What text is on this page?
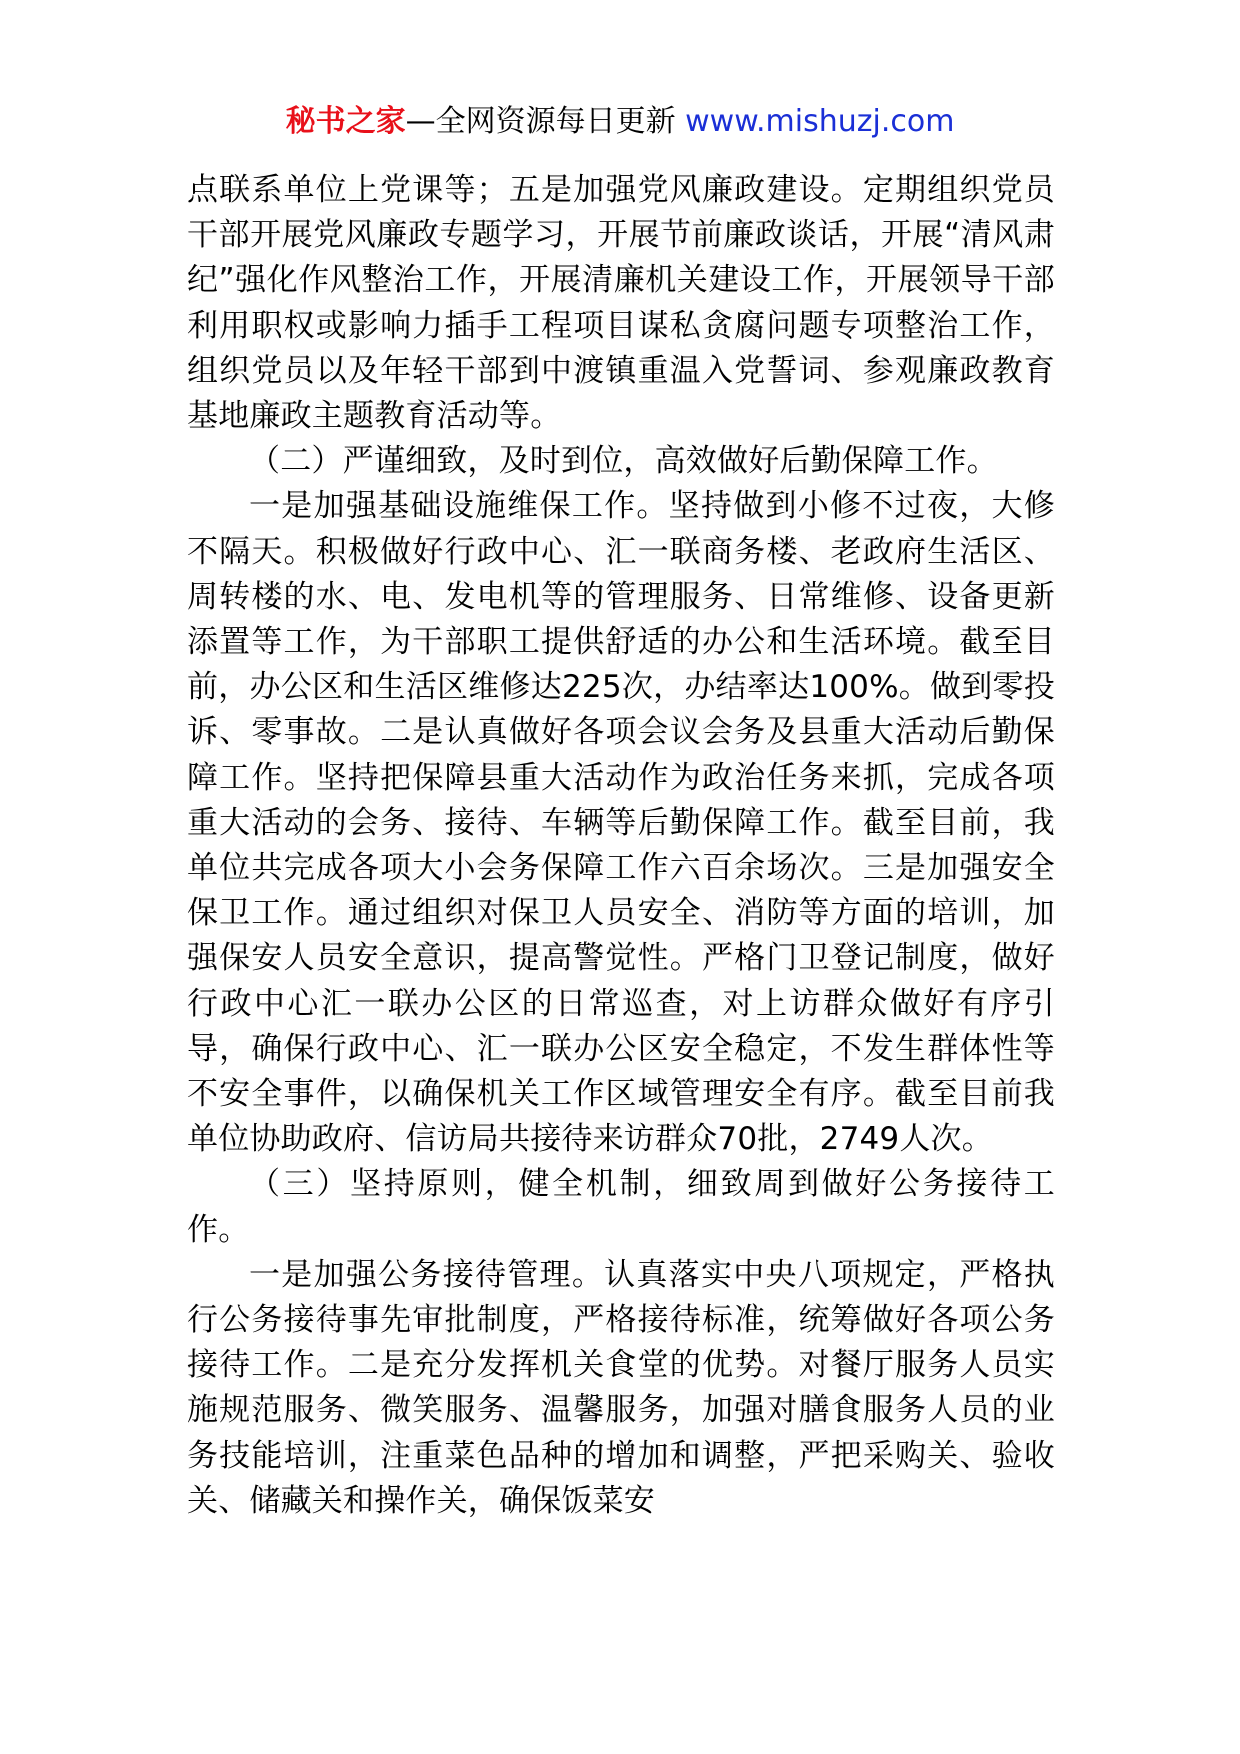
秘书之家—全网资源每日更新 www.mishuzj.com

点联系单位上党课等；五是加强党风廉政建设。定期组织党员干部开展党风廉政专题学习，开展节前廉政谈话，开展“清风肃纪”强化作风整治工作，开展清廉机关建设工作，开展领导干部利用职权或影响力插手工程项目谋私贪腐问题专项整治工作，组织党员以及年轻干部到中渡镇重温入党誓词、参观廉政教育基地廉政主题教育活动等。

（二）严谨细致，及时到位，高效做好后勤保障工作。

一是加强基础设施维保工作。坚持做到小修不过夜，大修不隔天。积极做好行政中心、汇一联商务楼、老政府生活区、周转楼的水、电、发电机等的管理服务、日常维修、设备更新添置等工作，为干部职工提供舒适的办公和生活环境。截至目前，办公区和生活区维修达225次，办结率达100%。做到零投诉、零事故。二是认真做好各项会议会务及县重大活动后勤保障工作。坚持把保障县重大活动作为政治任务来抓，完成各项重大活动的会务、接待、车辆等后勤保障工作。截至目前，我单位共完成各项大小会务保障工作六百余场次。三是加强安全保卫工作。通过组织对保卫人员安全、消防等方面的培训，加强保安人员安全意识，提高警觉性。严格门卫登记制度，做好行政中心汇一联办公区的日常巡查，对上访群众做好有序引导，确保行政中心、汇一联办公区安全稳定，不发生群体性等不安全事件，以确保机关工作区域管理安全有序。截至目前我单位协助政府、信访局共接待来访群众70批，2749人次。

（三）坚持原则，健全机制，细致周到做好公务接待工作。

一是加强公务接待管理。认真落实中央八项规定，严格执行公务接待事先审批制度，严格接待标准，统筹做好各项公务接待工作。二是充分发挥机关食堂的优势。对餐厅服务人员实施规范服务、微笑服务、温馨服务，加强对膳食服务人员的业务技能培训，注重菜色品种的增加和调整，严把采购关、验收关、储藏关和操作关，确保饭菜安
